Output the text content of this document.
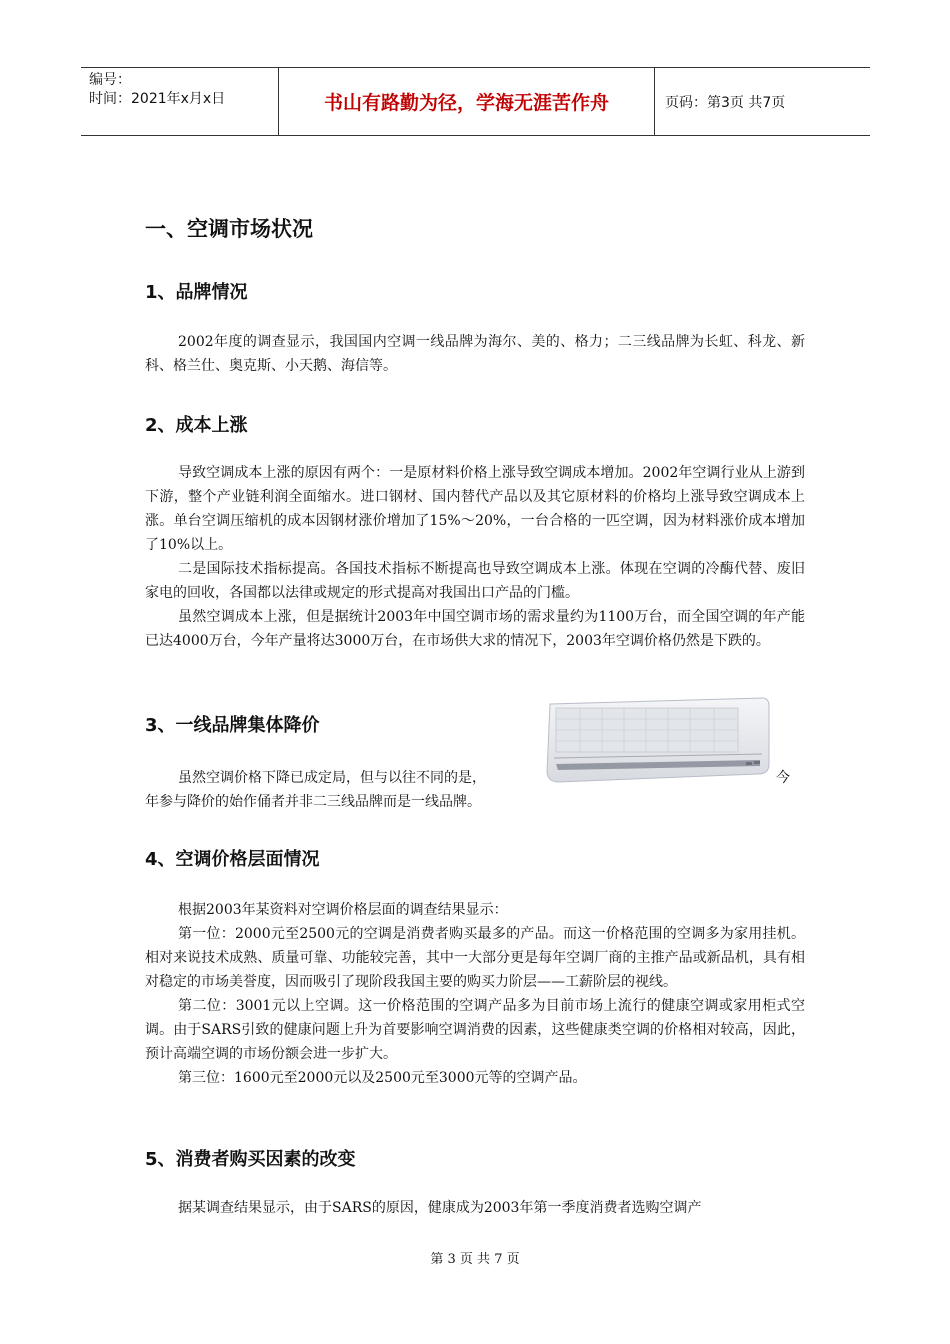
编号：
时间：2021年x月x日	书山有路勤为径，学海无涯苦作舟	页码：第3页 共7页
一、空调市场状况
1、品牌情况

2002年度的调查显示，我国国内空调一线品牌为海尔、美的、格力；二三线品牌为长虹、科龙、新科、格兰仕、奥克斯、小天鹅、海信等。

2、成本上涨

导致空调成本上涨的原因有两个：一是原材料价格上涨导致空调成本增加。2002年空调行业从上游到下游，整个产业链利润全面缩水。进口钢材、国内替代产品以及其它原材料的价格均上涨导致空调成本上涨。单台空调压缩机的成本因钢材涨价增加了15%～20%，一台合格的一匹空调，因为材料涨价成本增加了10%以上。

二是国际技术指标提高。各国技术指标不断提高也导致空调成本上涨。体现在空调的冷酶代替、废旧家电的回收，各国都以法律或规定的形式提高对我国出口产品的门槛。

虽然空调成本上涨，但是据统计2003年中国空调市场的需求量约为1100万台，而全国空调的年产能已达4000万台，今年产量将达3000万台，在市场供大求的情况下，2003年空调价格仍然是下跌的。

3、一线品牌集体降价
虽然空调价格下降已成定局，但与以往不同的是，	今
年参与降价的始作俑者并非二三线品牌而是一线品牌。
4、空调价格层面情况

根据2003年某资料对空调价格层面的调查结果显示：

第一位：2000元至2500元的空调是消费者购买最多的产品。而这一价格范围的空调多为家用挂机。相对来说技术成熟、质量可靠、功能较完善，其中一大部分更是每年空调厂商的主推产品或新品机，具有相对稳定的市场美誉度，因而吸引了现阶段我国主要的购买力阶层——工薪阶层的视线。

第二位：3001元以上空调。这一价格范围的空调产品多为目前市场上流行的健康空调或家用柜式空调。由于SARS引致的健康问题上升为首要影响空调消费的因素，这些健康类空调的价格相对较高，因此，预计高端空调的市场份额会进一步扩大。

第三位：1600元至2000元以及2500元至3000元等的空调产品。

5、消费者购买因素的改变

据某调查结果显示，由于SARS的原因，健康成为2003年第一季度消费者选购空调产

第 3 页 共 7 页
